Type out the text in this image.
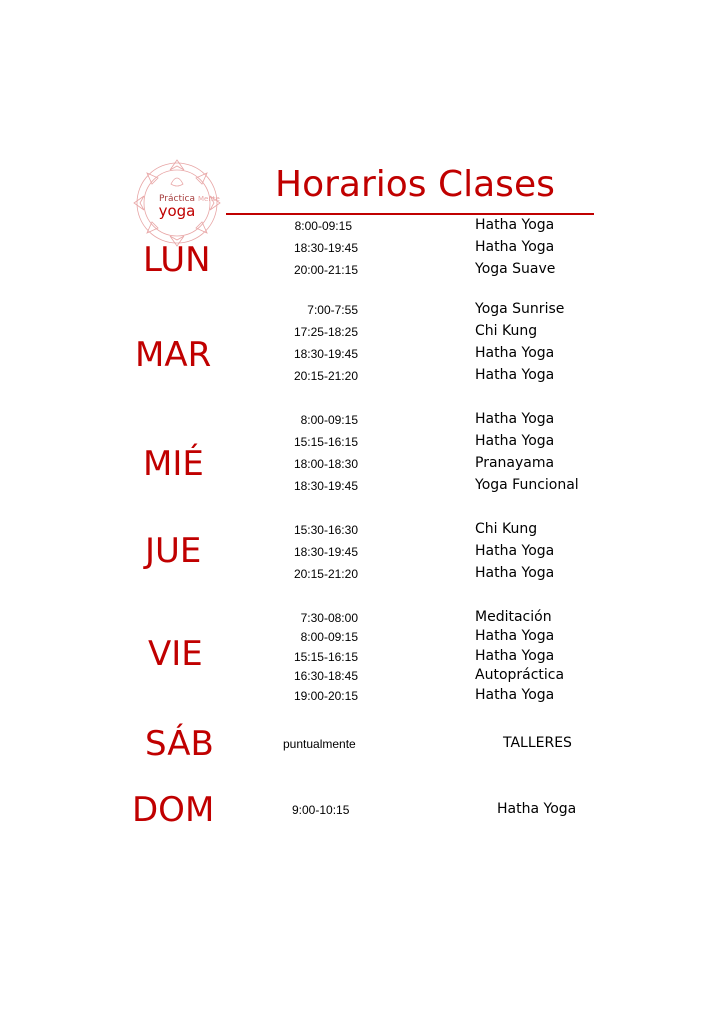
Práctica
yoga
Mente Horarios Clases
LUN
8:00-09:15	Hatha Yoga
18:30-19:45	Hatha Yoga
20:00-21:15	Yoga Suave
MAR
7:00-7:55	Yoga Sunrise
17:25-18:25	Chi Kung
18:30-19:45	Hatha Yoga
20:15-21:20	Hatha Yoga
MIÉ
8:00-09:15	Hatha Yoga
15:15-16:15	Hatha Yoga
18:00-18:30	Pranayama
18:30-19:45	Yoga Funcional
JUE
15:30-16:30	Chi Kung
18:30-19:45	Hatha Yoga
20:15-21:20	Hatha Yoga
VIE
7:30-08:00	Meditación
8:00-09:15	Hatha Yoga
15:15-16:15	Hatha Yoga
16:30-18:45	Autopráctica
19:00-20:15	Hatha Yoga
SÁB	puntualmente	TALLERES
DOM	9:00-10:15	Hatha Yoga
